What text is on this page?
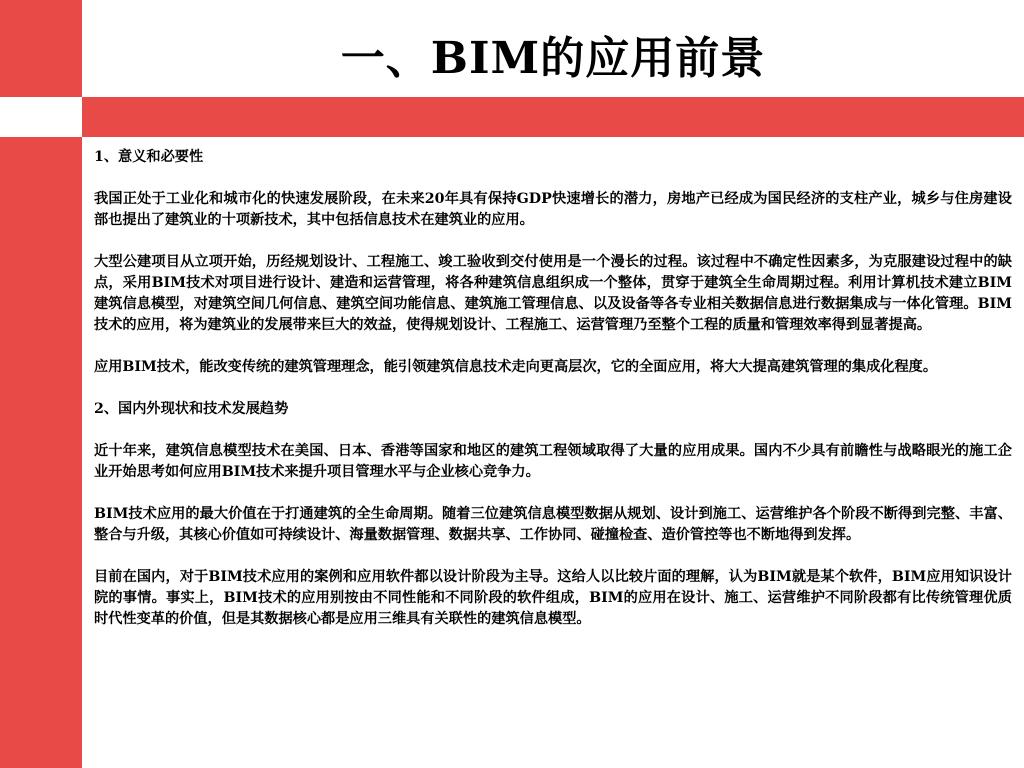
一、BIM的应用前景

1、意义和必要性

我国正处于工业化和城市化的快速发展阶段，在未来20年具有保持GDP快速增长的潜力，房地产已经成为国民经济的支柱产业，城乡与住房建设部也提出了建筑业的十项新技术，其中包括信息技术在建筑业的应用。

大型公建项目从立项开始，历经规划设计、工程施工、竣工验收到交付使用是一个漫长的过程。该过程中不确定性因素多，为克服建设过程中的缺点，采用BIM技术对项目进行设计、建造和运营管理，将各种建筑信息组织成一个整体，贯穿于建筑全生命周期过程。利用计算机技术建立BIM建筑信息模型，对建筑空间几何信息、建筑空间功能信息、建筑施工管理信息、以及设备等各专业相关数据信息进行数据集成与一体化管理。BIM技术的应用，将为建筑业的发展带来巨大的效益，使得规划设计、工程施工、运营管理乃至整个工程的质量和管理效率得到显著提高。

应用BIM技术，能改变传统的建筑管理理念，能引领建筑信息技术走向更高层次，它的全面应用，将大大提高建筑管理的集成化程度。

2、国内外现状和技术发展趋势

近十年来，建筑信息模型技术在美国、日本、香港等国家和地区的建筑工程领域取得了大量的应用成果。国内不少具有前瞻性与战略眼光的施工企业开始思考如何应用BIM技术来提升项目管理水平与企业核心竞争力。

BIM技术应用的最大价值在于打通建筑的全生命周期。随着三位建筑信息模型数据从规划、设计到施工、运营维护各个阶段不断得到完整、丰富、整合与升级，其核心价值如可持续设计、海量数据管理、数据共享、工作协同、碰撞检查、造价管控等也不断地得到发挥。

目前在国内，对于BIM技术应用的案例和应用软件都以设计阶段为主导。这给人以比较片面的理解，认为BIM就是某个软件，BIM应用知识设计院的事情。事实上，BIM技术的应用别按由不同性能和不同阶段的软件组成，BIM的应用在设计、施工、运营维护不同阶段都有比传统管理优质时代性变革的价值，但是其数据核心都是应用三维具有关联性的建筑信息模型。
